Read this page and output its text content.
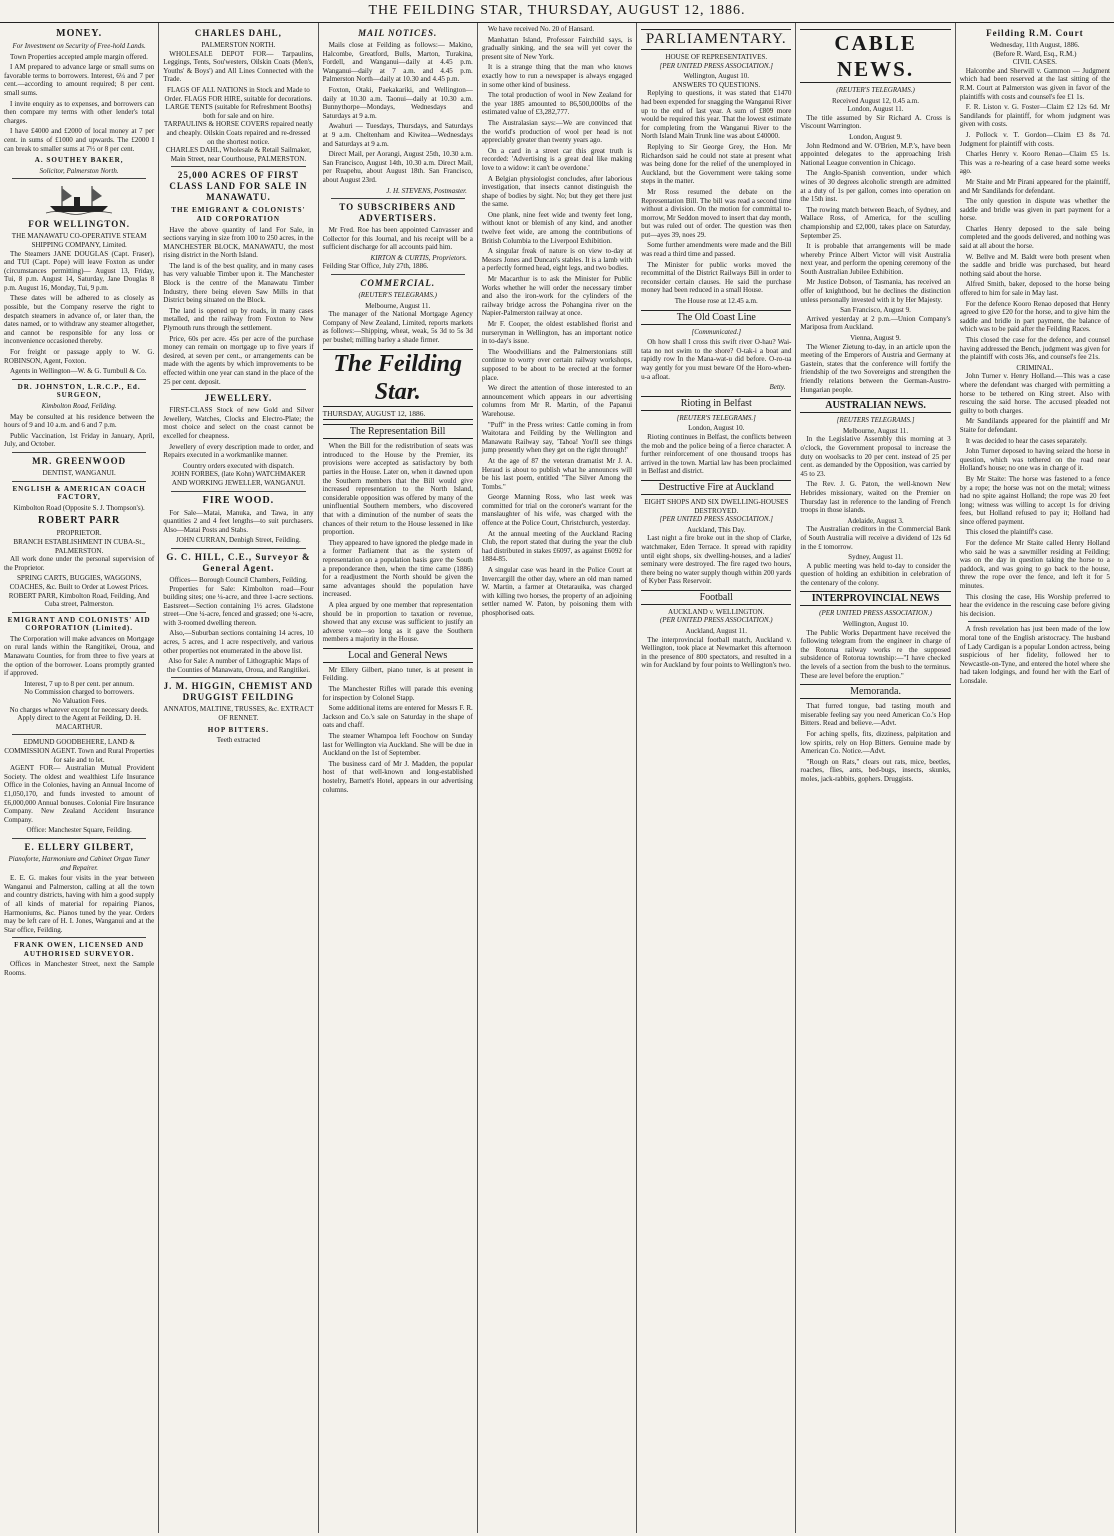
THE FEILDING STAR, THURSDAY, AUGUST 12, 1886.
MONEY.
For Investment on Security of Free-hold Lands.

Town Properties accepted ample margin offered.

I AM prepared to advance large or small sums on favorable terms to borrowers. Interest, 6¼ and 7 per cent.—according to amount required; 8 per cent. small sums.

I invite enquiry as to expenses, and borrowers can then compare my terms with other lender's total charges.

I have £4000 and £2000 of local money at 7 per cent. in sums of £1000 and upwards. The £2000 I can break to smaller sums at 7½ or 8 per cent.

A. SOUTHEY BAKER,
Solicitor, Palmerston North.
FOR WELLINGTON.
THE MANAWATU CO-OPERATIVE STEAM SHIPPING COMPANY, Limited.

The Steamers JANE DOUGLAS (Capt. Fraser), and TUI (Capt. Pope) will leave Foxton as under (circumstances permitting)— August 13, Friday, Tui, 8 p.m. August 14, Saturday, Jane Douglas 8 p.m. August 16, Monday, Tui, 9 p.m.

These dates will be adhered to as closely as possible, but the Company reserve the right to despatch steamers in advance of, or later than, the dates named, or to withdraw any steamer altogether, and cannot be responsible for any loss or inconvenience occasioned thereby.

For freight or passage apply to W. G. ROBINSON, Agent, Foxton.

Agents in Wellington—W. & G. Turnbull & Co.

DR. JOHNSTON, L.R.C.P., Ed. SURGEON,
Kimbolton Road, Feilding.

May be consulted at his residence between the hours of 9 and 10 a.m. and 6 and 7 p.m.

Public Vaccination, 1st Friday in January, April, July, and October.

MR. GREENWOOD
DENTIST, WANGANUI.
ENGLISH & AMERICAN COACH FACTORY,
Kimbolton Road (Opposite S. J. Thompson's).
ROBERT PARR
PROPRIETOR.
BRANCH ESTABLISHMENT IN CUBA-St., PALMERSTON.

All work done under the personal supervision of the Proprietor.

SPRING CARTS, BUGGIES, WAGGONS, COACHES, &c. Built to Order at Lowest Prices.
ROBERT PARR, Kimbolton Road, Feilding, And Cuba street, Palmerston.
EMIGRANT AND COLONISTS' AID CORPORATION (Limited).

The Corporation will make advances on Mortgage on rural lands within the Rangitikei, Oroua, and Manawatu Counties, for from three to five years at the option of the borrower. Loans promptly granted if approved.

Interest, 7 up to 8 per cent. per annum.
No Commission charged to borrowers.
No Valuation Fees.
No charges whatever except for necessary deeds.
Apply direct to the Agent at Feilding, D. H. MACARTHUR.
EDMUND GOODBEHERE, LAND & COMMISSION AGENT. Town and Rural Properties for sale and to let.

AGENT FOR— Australian Mutual Provident Society. The oldest and wealthiest Life Insurance Office in the Colonies, having an Annual Income of £1,050,170, and funds invested to amount of £6,000,000 Annual bonuses. Colonial Fire Insurance Company. New Zealand Accident Insurance Company.

Office: Manchester Square, Feilding.
E. ELLERY GILBERT,
Pianoforte, Harmonium and Cabinet Organ Tuner and Repairer.

E. E. G. makes four visits in the year between Wanganui and Palmerston, calling at all the town and country districts, having with him a good supply of all kinds of material for repairing Pianos, Harmoniums, &c. Pianos tuned by the year. Orders may be left care of H. I. Jones, Wanganui and at the Star office, Feilding.

FRANK OWEN, LICENSED AND AUTHORISED SURVEYOR.

Offices in Manchester Street, next the Sample Rooms.

CHARLES DAHL,
PALMERSTON NORTH.

WHOLESALE DEPOT FOR— Tarpaulins, Leggings, Tents, Sou'westers, Oilskin Coats (Men's, Youths' & Boys') and All Lines Connected with the Trade.

FLAGS OF ALL NATIONS in Stock and Made to Order. FLAGS FOR HIRE, suitable for decorations.
LARGE TENTS (suitable for Refreshment Booths) both for sale and on hire.
TARPAULINS & HORSE COVERS repaired neatly and cheaply. Oilskin Coats repaired and re-dressed on the shortest notice.
CHARLES DAHL, Wholesale & Retail Sailmaker, Main Street, near Courthouse, PALMERSTON.
25,000 ACRES OF FIRST CLASS LAND FOR SALE IN MANAWATU.
THE EMIGRANT & COLONISTS' AID CORPORATION

Have the above quantity of land For Sale, in sections varying in size from 100 to 250 acres, in the MANCHESTER BLOCK, MANAWATU, the most rising district in the North Island.

The land is of the best quality, and in many cases has very valuable Timber upon it. The Manchester Block is the centre of the Manawatu Timber Industry, there being eleven Saw Mills in that District being situated on the Block.

The land is opened up by roads, in many cases metalled, and the railway from Foxton to New Plymouth runs through the settlement.

Price, 60s per acre. 45s per acre of the purchase money can remain on mortgage up to five years if desired, at seven per cent., or arrangements can be made with the agents by which improvements to be effected within one year can stand in the place of the 25 per cent. deposit.

JEWELLERY.

FIRST-CLASS Stock of new Gold and Silver Jewellery, Watches, Clocks and Electro-Plate; the most choice and select on the coast cannot be excelled for cheapness.

Jewellery of every description made to order, and Repairs executed in a workmanlike manner.

Country orders executed with dispatch.
JOHN FORBES, (late Kohn) WATCHMAKER AND WORKING JEWELLER, WANGANUI.
FIRE WOOD.

For Sale—Matai, Manuka, and Tawa, in any quantities 2 and 4 feet lengths—to suit purchasers. Also—Matai Posts and Stabs.

JOHN CURRAN, Denbigh Street, Feilding.
G. C. HILL, C.E., Surveyor & General Agent.
Offices— Borough Council Chambers, Feilding.

Properties for Sale: Kimbolton road—Four building sites; one ¼-acre, and three 1-acre sections. Eastsreet—Section containing 1½ acres. Gladstone street—One ¼-acre, fenced and grassed; one ¼-acre, with 3-roomed dwelling thereon.

Also,—Suburban sections containing 14 acres, 10 acres, 5 acres, and 1 acre respectively, and various other properties not enumerated in the above list.

Also for Sale: A number of Lithographic Maps of the Counties of Manawatu, Oroua, and Rangitikei.
J. M. HIGGIN, CHEMIST AND DRUGGIST FEILDING
ANNATOS, MALTINE, TRUSSES, &c. EXTRACT OF RENNET.
HOP BITTERS.
Teeth extracted
MAIL NOTICES.

Mails close at Feilding as follows:— Makino, Halcombe, Greatford, Bulls, Marton, Turakina, Fordell, and Wanganui—daily at 4.45 p.m. Wanganui—daily at 7 a.m. and 4.45 p.m. Palmerston North—daily at 10.30 and 4.45 p.m.

Foxton, Otaki, Paekakariki, and Wellington—daily at 10.30 a.m. Taonui—daily at 10.30 a.m. Bunnythorpe—Mondays, Wednesdays and Saturdays at 9 a.m.

Awahuri — Tuesdays, Thursdays, and Saturdays at 9 a.m. Cheltenham and Kiwitea—Wednesdays and Saturdays at 9 a.m.

Direct Mail, per Aorangi, August 25th, 10.30 a.m. San Francisco, August 14th, 10.30 a.m. Direct Mail, per Ruapehu, about August 18th. San Francisco, about August 23rd.

J. H. STEVENS, Postmaster.
TO SUBSCRIBERS AND ADVERTISERS.

Mr Fred. Roe has been appointed Canvasser and Collector for this Journal, and his receipt will be a sufficient discharge for all accounts paid him.

KIRTON & CURTIS, Proprietors.
Feilding Star Office, July 27th, 1886.
COMMERCIAL.
(REUTER'S TELEGRAMS.)
Melbourne, August 11.

The manager of the National Mortgage Agency Company of New Zealand, Limited, reports markets as follows:—Shipping, wheat, weak, 5s 3d to 5s 3d per bushel; milling barley a shade firmer.

The Feilding Star.
THURSDAY, AUGUST 12, 1886.
The Representation Bill

When the Bill for the redistribution of seats was introduced to the House by the Premier, its provisions were accepted as satisfactory by both parties in the House. Later on, when it dawned upon the Southern members that the Bill would give increased representation to the North Island, considerable opposition was offered by many of the uninfluential Southern members, who discovered that with a diminution of the number of seats the chances of their return to the House lessened in like proportion.

They appeared to have ignored the pledge made in a former Parliament that as the system of representation on a population basis gave the South a preponderance then, when the time came (1886) for a readjustment the North should be given the same advantages should the population have increased.

A plea argued by one member that representation should be in proportion to taxation or revenue, showed that any excuse was sufficient to justify an adverse vote—so long as it gave the Southern members a majority in the House.

Local and General News

Mr Ellery Gilbert, piano tuner, is at present in Feilding.

The Manchester Rifles will parade this evening for inspection by Colonel Stapp.

Some additional items are entered for Messrs F. R. Jackson and Co.'s sale on Saturday in the shape of oats and chaff.

The steamer Whampoa left Foochow on Sunday last for Wellington via Auckland. She will be due in Auckland on the 1st of September.

The business card of Mr J. Madden, the popular host of that well-known and long-established hostelry, Barnett's Hotel, appears in our advertising columns.

We have received No. 20 of Hansard.

Manhattan Island, Professor Fairchild says, is gradually sinking, and the sea will yet cover the present site of New York.

It is a strange thing that the man who knows exactly how to run a newspaper is always engaged in some other kind of business.

The total production of wool in New Zealand for the year 1885 amounted to 86,500,000lbs of the estimated value of £3,282,777.

The Australasian says:—We are convinced that the world's production of wool per head is not appreciably greater than twenty years ago.

On a card in a street car this great truth is recorded: 'Advertising is a great deal like making love to a widow: it can't be overdone.'

A Belgian physiologist concludes, after laborious investigation, that insects cannot distinguish the shape of bodies by sight. No; but they get there just the same.

One plank, nine feet wide and twenty feet long, without knot or blemish of any kind, and another twelve feet wide, are among the contributions of British Columbia to the Liverpool Exhibition.

A singular freak of nature is on view to-day at Messrs Jones and Duncan's stables. It is a lamb with a perfectly formed head, eight legs, and two bodies.

Mr Macarthur is to ask the Minister for Public Works whether he will order the necessary timber and also the iron-work for the cylinders of the railway bridge across the Pohangina river on the Napier-Palmerston railway at once.

Mr F. Cooper, the oldest established florist and nurseryman in Wellington, has an important notice in to-day's issue.

The Woodvillians and the Palmerstonians still continue to worry over certain railway workshops, supposed to be about to be erected at the former place.

We direct the attention of those interested to an announcement which appears in our advertising columns from Mr R. Martin, of the Papanui Warehouse.

"Puff" in the Press writes: Cattle coming in from Waitotara and Feilding by the Wellington and Manawatu Railway say, 'Tahoa! You'll see things jump presently when they get on the right through!'

At the age of 87 the veteran dramatist Mr J. A. Heraud is about to publish what he announces will be his last poem, entitled "The Silver Among the Tombs."

George Manning Ross, who last week was committed for trial on the coroner's warrant for the manslaughter of his wife, was charged with the offence at the Police Court, Christchurch, yesterday.

At the annual meeting of the Auckland Racing Club, the report stated that during the year the club had distributed in stakes £6097, as against £6092 for 1884-85.

A singular case was heard in the Police Court at Invercargill the other day, where an old man named W. Martin, a farmer at Otetarauika, was charged with killing two horses, the property of an adjoining settler named W. Paton, by poisoning them with phosphorised oats.

PARLIAMENTARY.
HOUSE OF REPRESENTATIVES.
[PER UNITED PRESS ASSOCIATION.]
Wellington, August 10.
ANSWERS TO QUESTIONS.

Replying to questions, it was stated that £1470 had been expended for snagging the Wanganui River up to the end of last year. A sum of £809 more would be required this year. That the lowest estimate for completing from the Wanganui River to the North Island Main Trunk line was about £40000.

Replying to Sir George Grey, the Hon. Mr Richardson said he could not state at present what was being done for the relief of the unemployed in Auckland, but the Government were taking some steps in the matter.

Mr Ross resumed the debate on the Representation Bill. The bill was read a second time without a division. On the motion for committal to-morrow, Mr Seddon moved to insert that day month, but was ruled out of order. The question was then put—ayes 39, noes 29.

Some further amendments were made and the Bill was read a third time and passed.

The Minister for public works moved the recommittal of the District Railways Bill in order to reconsider certain clauses. He said the purchase money had been reduced in a small House.

The House rose at 12.45 a.m.
The Old Coast Line
[Communicated.]

Oh how shall I cross this swift river O-hau? Wai-tata no not swim to the shore? O-tak-i a boat and rapidly row In the Mana-wat-u did before. O-ro-ua way gently for you must beware Of the Horo-when-u-a afloat.

Betty.
Rioting in Belfast
[REUTER'S TELEGRAMS.]
London, August 10.

Rioting continues in Belfast, the conflicts between the mob and the police being of a fierce character. A further reinforcement of one thousand troops has arrived in the town. Martial law has been proclaimed in Belfast and district.

Destructive Fire at Auckland
EIGHT SHOPS AND SIX DWELLING-HOUSES DESTROYED.
[PER UNITED PRESS ASSOCIATION.]
Auckland, This Day.

Last night a fire broke out in the shop of Clarke, watchmaker, Eden Terrace. It spread with rapidity until eight shops, six dwelling-houses, and a ladies' seminary were destroyed. The fire raged two hours, there being no water supply though within 200 yards of Kyber Pass Reservoir.

Football
AUCKLAND v. WELLINGTON.
(PER UNITED PRESS ASSOCIATION.)
Auckland, August 11.

The interprovincial football match, Auckland v. Wellington, took place at Newmarket this afternoon in the presence of 800 spectators, and resulted in a win for Auckland by four points to Wellington's two.

CABLE NEWS.
(REUTER'S TELEGRAMS.)
Received August 12, 0.45 a.m.
London, August 11.

The title assumed by Sir Richard A. Cross is Viscount Warrington.

London, August 9.

John Redmond and W. O'Brien, M.P.'s, have been appointed delegates to the approaching Irish National League convention in Chicago.

The Anglo-Spanish convention, under which wines of 30 degrees alcoholic strength are admitted at a duty of 1s per gallon, comes into operation on the 15th inst.

The rowing match between Beach, of Sydney, and Wallace Ross, of America, for the sculling championship and £2,000, takes place on Saturday, September 25.

It is probable that arrangements will be made whereby Prince Albert Victor will visit Australia next year, and perform the opening ceremony of the South Australian Jubilee Exhibition.

Mr Justice Dobson, of Tasmania, has received an offer of knighthood, but he declines the distinction unless personally invested with it by Her Majesty.

San Francisco, August 9.

Arrived yesterday at 2 p.m.—Union Company's Mariposa from Auckland.

Vienna, August 9.

The Wiener Zietung to-day, in an article upon the meeting of the Emperors of Austria and Germany at Gastein, states that the conference will fortify the friendship of the two Sovereigns and strengthen the friendly relations between the German-Austro-Hungarian people.

AUSTRALIAN NEWS.
[REUTERS TELEGRAMS.]
Melbourne, August 11.

In the Legislative Assembly this morning at 3 o'clock, the Government proposal to increase the duty on woolsacks to 20 per cent. instead of 25 per cent. as demanded by the Opposition, was carried by 45 to 23.

The Rev. J. G. Paton, the well-known New Hebrides missionary, waited on the Premier on Thursday last in reference to the landing of French troops in those islands.

Adelaide, August 3.

The Australian creditors in the Commercial Bank of South Australia will receive a dividend of 12s 6d in the £ tomorrow.

Sydney, August 11.

A public meeting was held to-day to consider the question of holding an exhibition in celebration of the centenary of the colony.

INTERPROVINCIAL NEWS
(PER UNITED PRESS ASSOCIATION.)
Wellington, August 10.

The Public Works Department have received the following telegram from the engineer in charge of the Rotorua railway works re the supposed subsidence of Rotorua township:—"I have checked the levels of a section from the bush to the terminus. These are level before the eruption."

Memoranda.

That furred tongue, bad tasting mouth and miserable feeling say you need American Co.'s Hop Bitters. Read and believe.—Advt.

For aching spells, fits, dizziness, palpitation and low spirits, rely on Hop Bitters. Genuine made by American Co. Notice.—Advt.

"Rough on Rats," clears out rats, mice, beetles, roaches, flies, ants, bed-bugs, insects, skunks, moles, jack-rabbits, gophers. Druggists.

Feilding R.M. Court
Wednesday, 11th August, 1886.
(Before R. Ward, Esq., R.M.)
CIVIL CASES.

Halcombe and Sherwill v. Gammon — Judgment which had been reserved at the last sitting of the R.M. Court at Palmerston was given in favor of the plaintiffs with costs and counsel's fee £1 1s.

F. R. Liston v. G. Foster—Claim £2 12s 6d. Mr Sandilands for plaintiff, for whom judgment was given with costs.

J. Pollock v. T. Gordon—Claim £3 8s 7d. Judgment for plaintiff with costs.

Charles Henry v. Kooro Renao—Claim £5 1s. This was a re-hearing of a case heard some weeks ago.

Mr Staite and Mr Pirani appeared for the plaintiff, and Mr Sandilands for defendant.

The only question in dispute was whether the saddle and bridle was given in part payment for a horse.

Charles Henry deposed to the sale being completed and the goods delivered, and nothing was said at all about the horse.

W. Bellve and M. Baldt were both present when the saddle and bridle was purchased, but heard nothing said about the horse.

Alfred Smith, baker, deposed to the horse being offered to him for sale in May last.

For the defence Kooro Renao deposed that Henry agreed to give £20 for the horse, and to give him the saddle and bridle in part payment, the balance of which was to be paid after the Feilding Races.

This closed the case for the defence, and counsel having addressed the Bench, judgment was given for the plaintiff with costs 36s, and counsel's fee 21s.

CRIMINAL.

John Turner v. Henry Holland.—This was a case where the defendant was charged with permitting a horse to be tethered on King street. Also with rescuing the said horse. The accused pleaded not guilty to both charges.

Mr Sandilands appeared for the plaintiff and Mr Staite for defendant.

It was decided to hear the cases separately.

John Turner deposed to having seized the horse in question, which was tethered on the road near Holland's house; no one was in charge of it.

By Mr Staite: The horse was fastened to a fence by a rope; the horse was not on the metal; witness had no spite against Holland; the rope was 20 feet long; witness was willing to accept 1s for driving fees, but Holland refused to pay it; Holland had since offered payment.

This closed the plaintiff's case.

For the defence Mr Staite called Henry Holland who said he was a sawmiller residing at Feilding; was on the day in question taking the horse to a paddock, and was going to go back to the house, threw the rope over the fence, and left it for 5 minutes.

This closing the case, His Worship preferred to hear the evidence in the rescuing case before giving his decision.

A fresh revelation has just been made of the low moral tone of the English aristocracy. The husband of Lady Cardigan is a popular London actress, being suspicious of her fidelity, followed her to Newcastle-on-Tyne, and entered the hotel where she had taken lodgings, and found her with the Earl of Lonsdale.
